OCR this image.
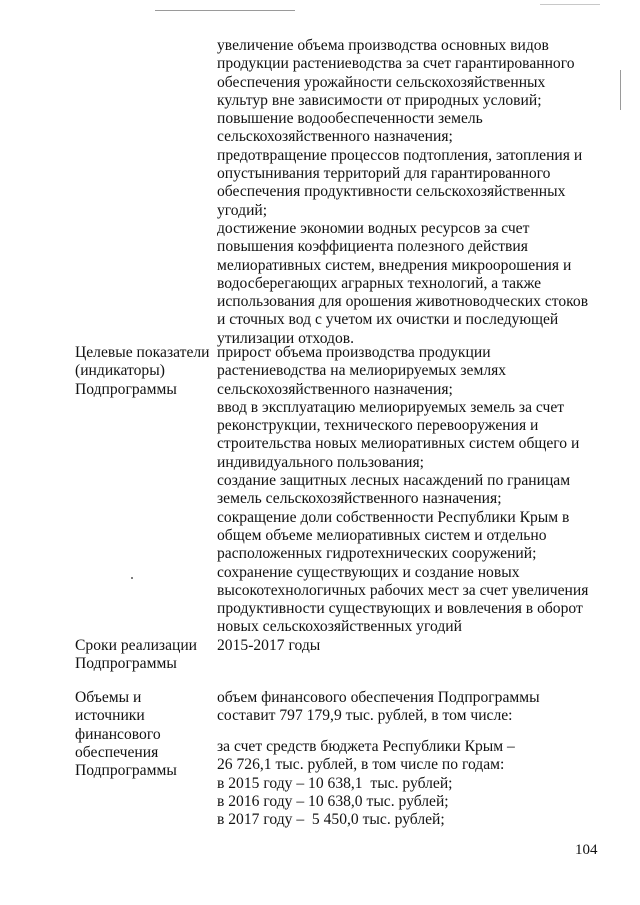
увеличение объема производства основных видов
продукции растениеводства за счет гарантированного
обеспечения урожайности сельскохозяйственных
культур вне зависимости от природных условий;
повышение водообеспеченности земель
сельскохозяйственного назначения;
предотвращение процессов подтопления, затопления и
опустынивания территорий для гарантированного
обеспечения продуктивности сельскохозяйственных
угодий;
достижение экономии водных ресурсов за счет
повышения коэффициента полезного действия
мелиоративных систем, внедрения микроорошения и
водосберегающих аграрных технологий, а также
использования для орошения животноводческих стоков
и сточных вод с учетом их очистки и последующей
утилизации отходов.

Целевые показатели
(индикаторы)
Подпрограммы

прирост объема производства продукции
растениеводства на мелиорируемых землях
сельскохозяйственного назначения;
ввод в эксплуатацию мелиорируемых земель за счет
реконструкции, технического перевооружения и
строительства новых мелиоративных систем общего и
индивидуального пользования;
создание защитных лесных насаждений по границам
земель сельскохозяйственного назначения;
сокращение доли собственности Республики Крым в
общем объеме мелиоративных систем и отдельно
расположенных гидротехнических сооружений;
сохранение существующих и создание новых
высокотехнологичных рабочих мест за счет увеличения
продуктивности существующих и вовлечения в оборот
новых сельскохозяйственных угодий

Сроки реализации
Подпрограммы

2015-2017 годы

Объемы и
источники
финансового
обеспечения
Подпрограммы

объем финансового обеспечения Подпрограммы
составит 797 179,9 тыс. рублей, в том числе:

за счет средств бюджета Республики Крым –
26 726,1 тыс. рублей, в том числе по годам:
в 2015 году – 10 638,1  тыс. рублей;
в 2016 году – 10 638,0 тыс. рублей;
в 2017 году –  5 450,0 тыс. рублей;

104
